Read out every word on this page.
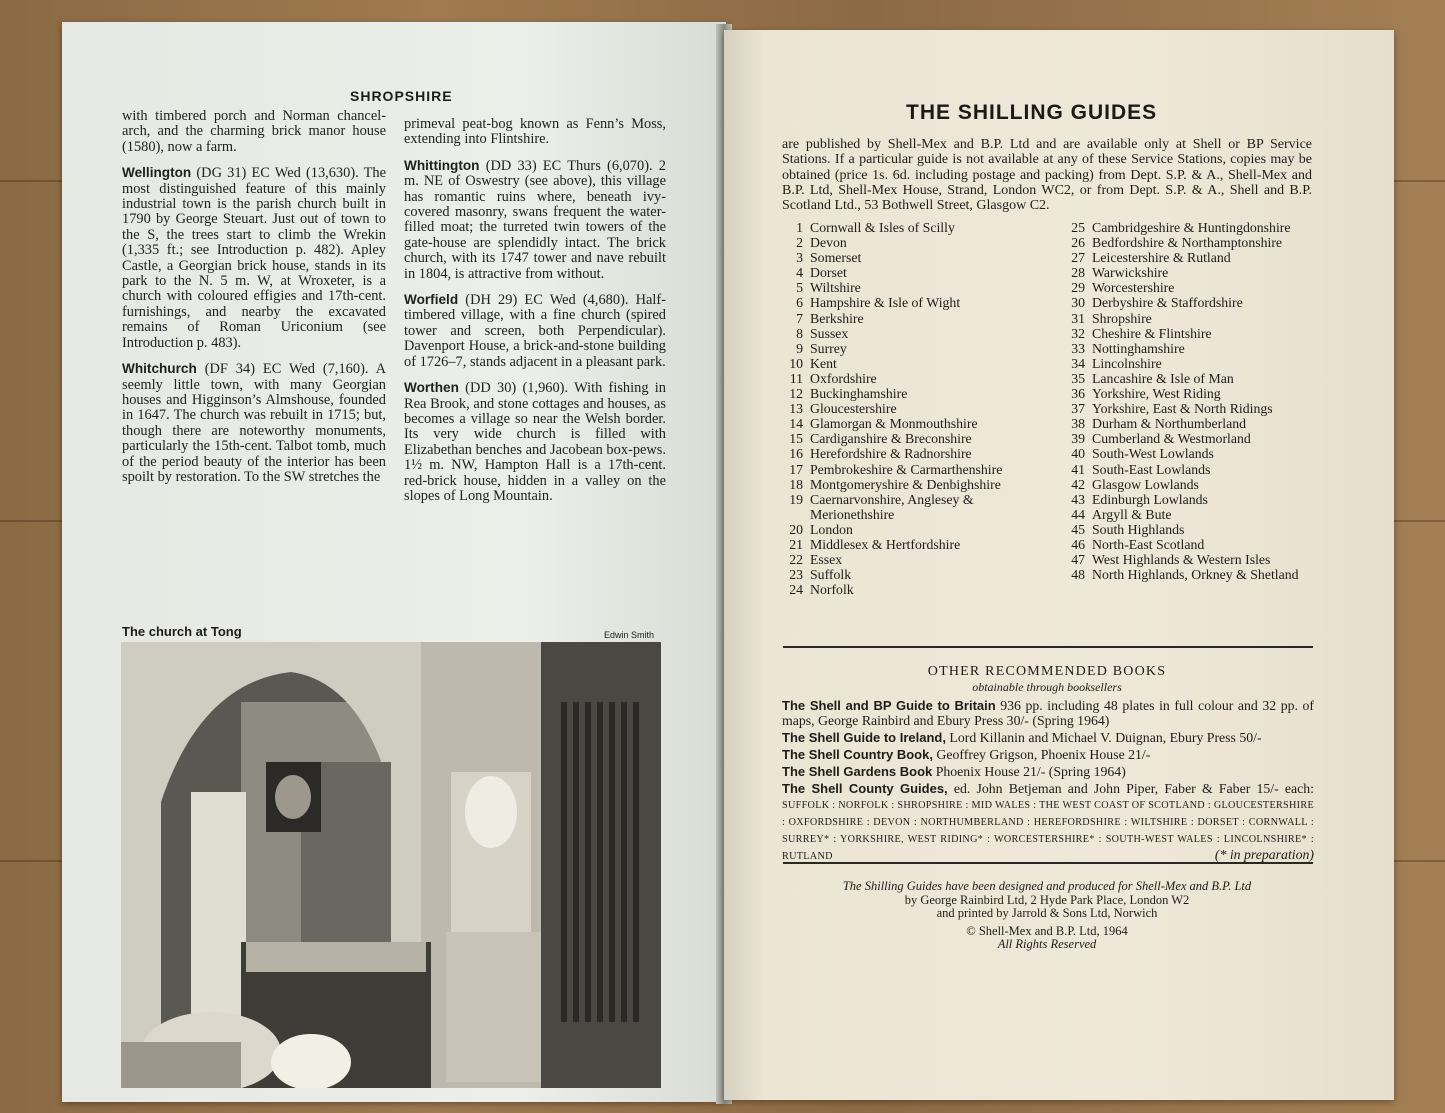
SHROPSHIRE

with timbered porch and Norman chancel-arch, and the charming brick manor house (1580), now a farm.

Wellington (DG 31) EC Wed (13,630). The most distinguished feature of this mainly industrial town is the parish church built in 1790 by George Steuart. Just out of town to the S, the trees start to climb the Wrekin (1,335 ft.; see Introduction p. 482). Apley Castle, a Georgian brick house, stands in its park to the N. 5 m. W, at Wroxeter, is a church with coloured effigies and 17th-cent. furnishings, and nearby the excavated remains of Roman Uriconium (see Introduction p. 483).

Whitchurch (DF 34) EC Wed (7,160). A seemly little town, with many Georgian houses and Higginson’s Almshouse, founded in 1647. The church was rebuilt in 1715; but, though there are noteworthy monuments, particularly the 15th-cent. Talbot tomb, much of the period beauty of the interior has been spoilt by restoration. To the SW stretches the

primeval peat-bog known as Fenn’s Moss, extending into Flintshire.

Whittington (DD 33) EC Thurs (6,070). 2 m. NE of Oswestry (see above), this village has romantic ruins where, beneath ivy-covered masonry, swans frequent the water-filled moat; the turreted twin towers of the gate-house are splendidly intact. The brick church, with its 1747 tower and nave rebuilt in 1804, is attractive from without.

Worfield (DH 29) EC Wed (4,680). Half-timbered village, with a fine church (spired tower and screen, both Perpendicular). Davenport House, a brick-and-stone building of 1726–7, stands adjacent in a pleasant park.

Worthen (DD 30) (1,960). With fishing in Rea Brook, and stone cottages and houses, as becomes a village so near the Welsh border. Its very wide church is filled with Elizabethan benches and Jacobean box-pews. 1½ m. NW, Hampton Hall is a 17th-cent. red-brick house, hidden in a valley on the slopes of Long Mountain.

The church at Tong	Edwin Smith
THE SHILLING GUIDES
are published by Shell-Mex and B.P. Ltd and are available only at Shell or BP Service Stations. If a particular guide is not available at any of these Service Stations, copies may be obtained (price 1s. 6d. including postage and packing) from Dept. S.P. & A., Shell-Mex and B.P. Ltd, Shell-Mex House, Strand, London WC2, or from Dept. S.P. & A., Shell and B.P. Scotland Ltd., 53 Bothwell Street, Glasgow C2.
1 Cornwall & Isles of Scilly
2 Devon
3 Somerset
4 Dorset
5 Wiltshire
6 Hampshire & Isle of Wight
7 Berkshire
8 Sussex
9 Surrey
10 Kent
11 Oxfordshire
12 Buckinghamshire
13 Gloucestershire
14 Glamorgan & Monmouthshire
15 Cardiganshire & Breconshire
16 Herefordshire & Radnorshire
17 Pembrokeshire & Carmarthenshire
18 Montgomeryshire & Denbighshire
19 Caernarvonshire, Anglesey & Merionethshire
20 London
21 Middlesex & Hertfordshire
22 Essex
23 Suffolk
24 Norfolk
25 Cambridgeshire & Huntingdonshire
26 Bedfordshire & Northamptonshire
27 Leicestershire & Rutland
28 Warwickshire
29 Worcestershire
30 Derbyshire & Staffordshire
31 Shropshire
32 Cheshire & Flintshire
33 Nottinghamshire
34 Lincolnshire
35 Lancashire & Isle of Man
36 Yorkshire, West Riding
37 Yorkshire, East & North Ridings
38 Durham & Northumberland
39 Cumberland & Westmorland
40 South-West Lowlands
41 South-East Lowlands
42 Glasgow Lowlands
43 Edinburgh Lowlands
44 Argyll & Bute
45 South Highlands
46 North-East Scotland
47 West Highlands & Western Isles
48 North Highlands, Orkney & Shetland
OTHER RECOMMENDED BOOKS
obtainable through booksellers

The Shell and BP Guide to Britain 936 pp. including 48 plates in full colour and 32 pp. of maps, George Rainbird and Ebury Press 30/- (Spring 1964)

The Shell Guide to Ireland, Lord Killanin and Michael V. Duignan, Ebury Press 50/-

The Shell Country Book, Geoffrey Grigson, Phoenix House 21/-

The Shell Gardens Book Phoenix House 21/- (Spring 1964)

The Shell County Guides, ed. John Betjeman and John Piper, Faber & Faber 15/- each: SUFFOLK : NORFOLK : SHROPSHIRE : MID WALES : THE WEST COAST OF SCOTLAND : GLOUCESTERSHIRE : OXFORDSHIRE : DEVON : NORTHUMBERLAND : HEREFORDSHIRE : WILTSHIRE : DORSET : CORNWALL : SURREY* : YORKSHIRE, WEST RIDING* : WORCESTERSHIRE* : SOUTH-WEST WALES : LINCOLNSHIRE* : RUTLAND	(* in preparation)

The Shilling Guides have been designed and produced for Shell-Mex and B.P. Ltd
by George Rainbird Ltd, 2 Hyde Park Place, London W2
and printed by Jarrold & Sons Ltd, Norwich
© Shell-Mex and B.P. Ltd, 1964
All Rights Reserved
